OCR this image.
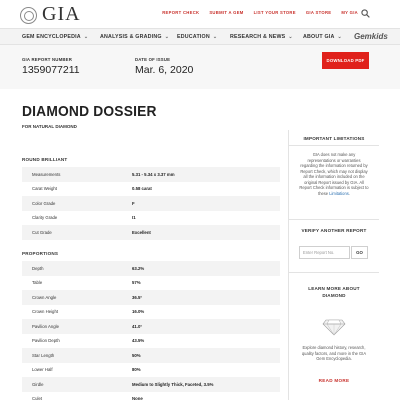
GIA	REPORT CHECK SUBMIT A GEM LIST YOUR STORE GIA STORE MY GIA
GEM ENCYCLOPEDIA ⌄ ANALYSIS & GRADING ⌄ EDUCATION ⌄ RESEARCH & NEWS ⌄ ABOUT GIA ⌄ Gemkids
GIA REPORT NUMBER
1359077211
DATE OF ISSUE
Mar. 6, 2020
DOWNLOAD PDF
DIAMOND DOSSIER
FOR NATURAL DIAMOND
ROUND BRILLIANT
Measurements	5.31 - 5.34 x 3.37 mm
Carat Weight	0.58 carat
Color Grade	F
Clarity Grade	I1
Cut Grade	Excellent
PROPORTIONS
Depth	63.2%
Table	57%
Crown Angle	36.5°
Crown Height	16.0%
Pavilion Angle	41.0°
Pavilion Depth	43.5%
Star Length	50%
Lower Half	80%
Girdle	Medium to Slightly Thick, Faceted, 3.5%
Culet	None
IMPORTANT LIMITATIONS
GIA does not make any representations or warranties regarding the information returned by Report Check, which may not display all the information included on the original Report issued by GIA. All Report Check information is subject to these Limitations.
VERIFY ANOTHER REPORT
Enter Report No.	GO
LEARN MORE ABOUT
DIAMOND
Explore diamond history, research, quality factors, and more in the GIA Gem Encyclopedia.
READ MORE
